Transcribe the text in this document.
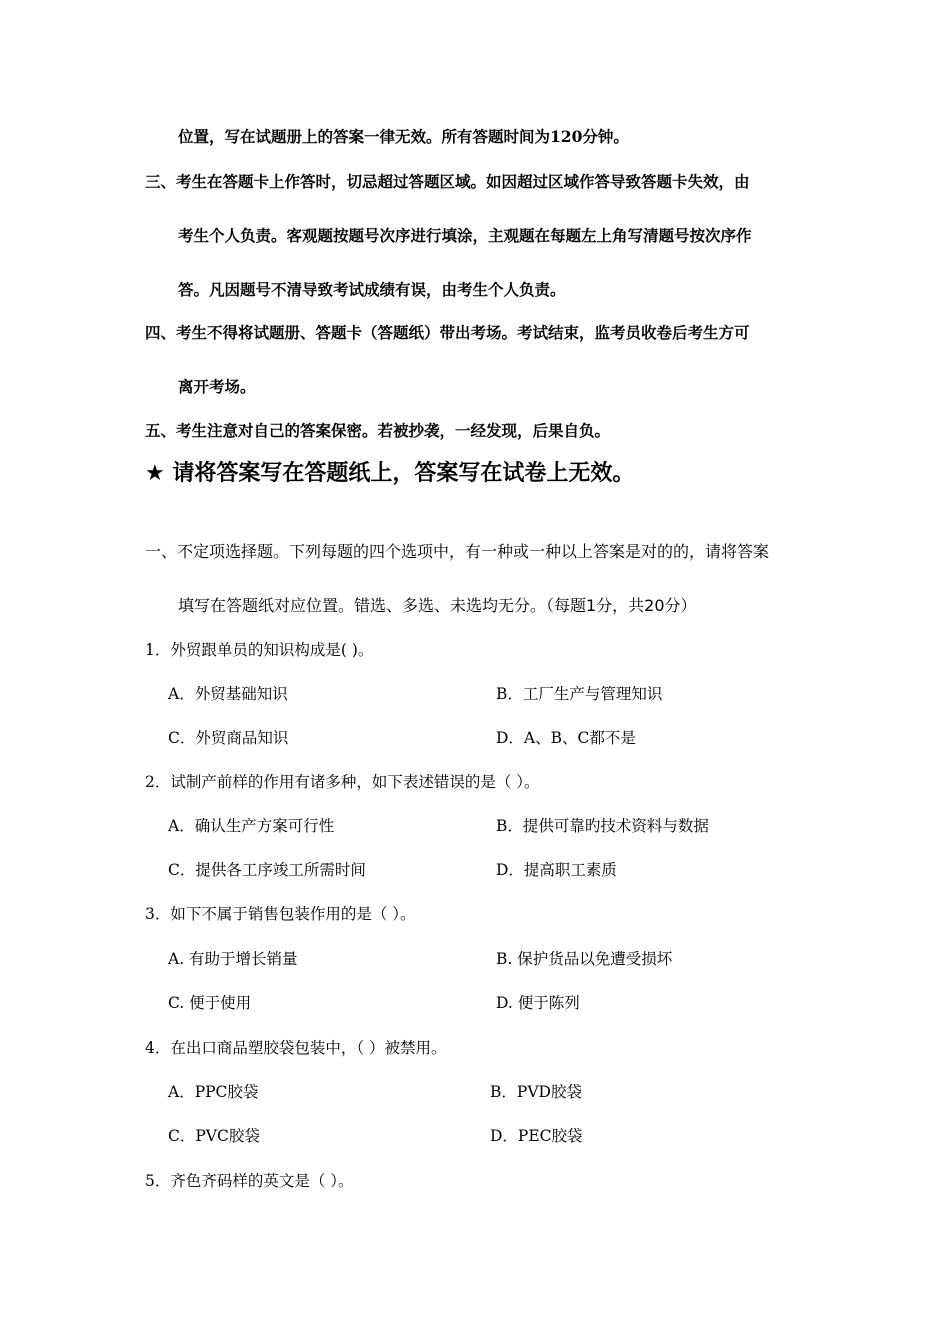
位置，写在试题册上的答案一律无效。所有答题时间为120分钟。
三、考生在答题卡上作答时，切忌超过答题区域。如因超过区域作答导致答题卡失效，由
考生个人负责。客观题按题号次序进行填涂，主观题在每题左上角写清题号按次序作
答。凡因题号不清导致考试成绩有误，由考生个人负责。
四、考生不得将试题册、答题卡（答题纸）带出考场。考试结束，监考员收卷后考生方可
离开考场。
五、考生注意对自己的答案保密。若被抄袭，一经发现，后果自负。
★ 请将答案写在答题纸上，答案写在试卷上无效。
一、不定项选择题。下列每题的四个选项中，有一种或一种以上答案是对的的，请将答案
填写在答题纸对应位置。错选、多选、未选均无分。（每题1分，共20分）
1．外贸跟单员的知识构成是( )。
A．外贸基础知识	B．工厂生产与管理知识
C．外贸商品知识	D．A、B、C都不是
2．试制产前样的作用有诸多种，如下表述错误的是（ ）。
A．确认生产方案可行性	B．提供可靠旳技术资料与数据
C．提供各工序竣工所需时间	D．提高职工素质
3．如下不属于销售包装作用的是（ ）。
A. 有助于增长销量	B. 保护货品以免遭受损坏
C. 便于使用	D. 便于陈列
4．在出口商品塑胶袋包装中，（ ）被禁用。
A．PPC胶袋	B．PVD胶袋
C．PVC胶袋	D．PEC胶袋
5．齐色齐码样的英文是（ ）。
